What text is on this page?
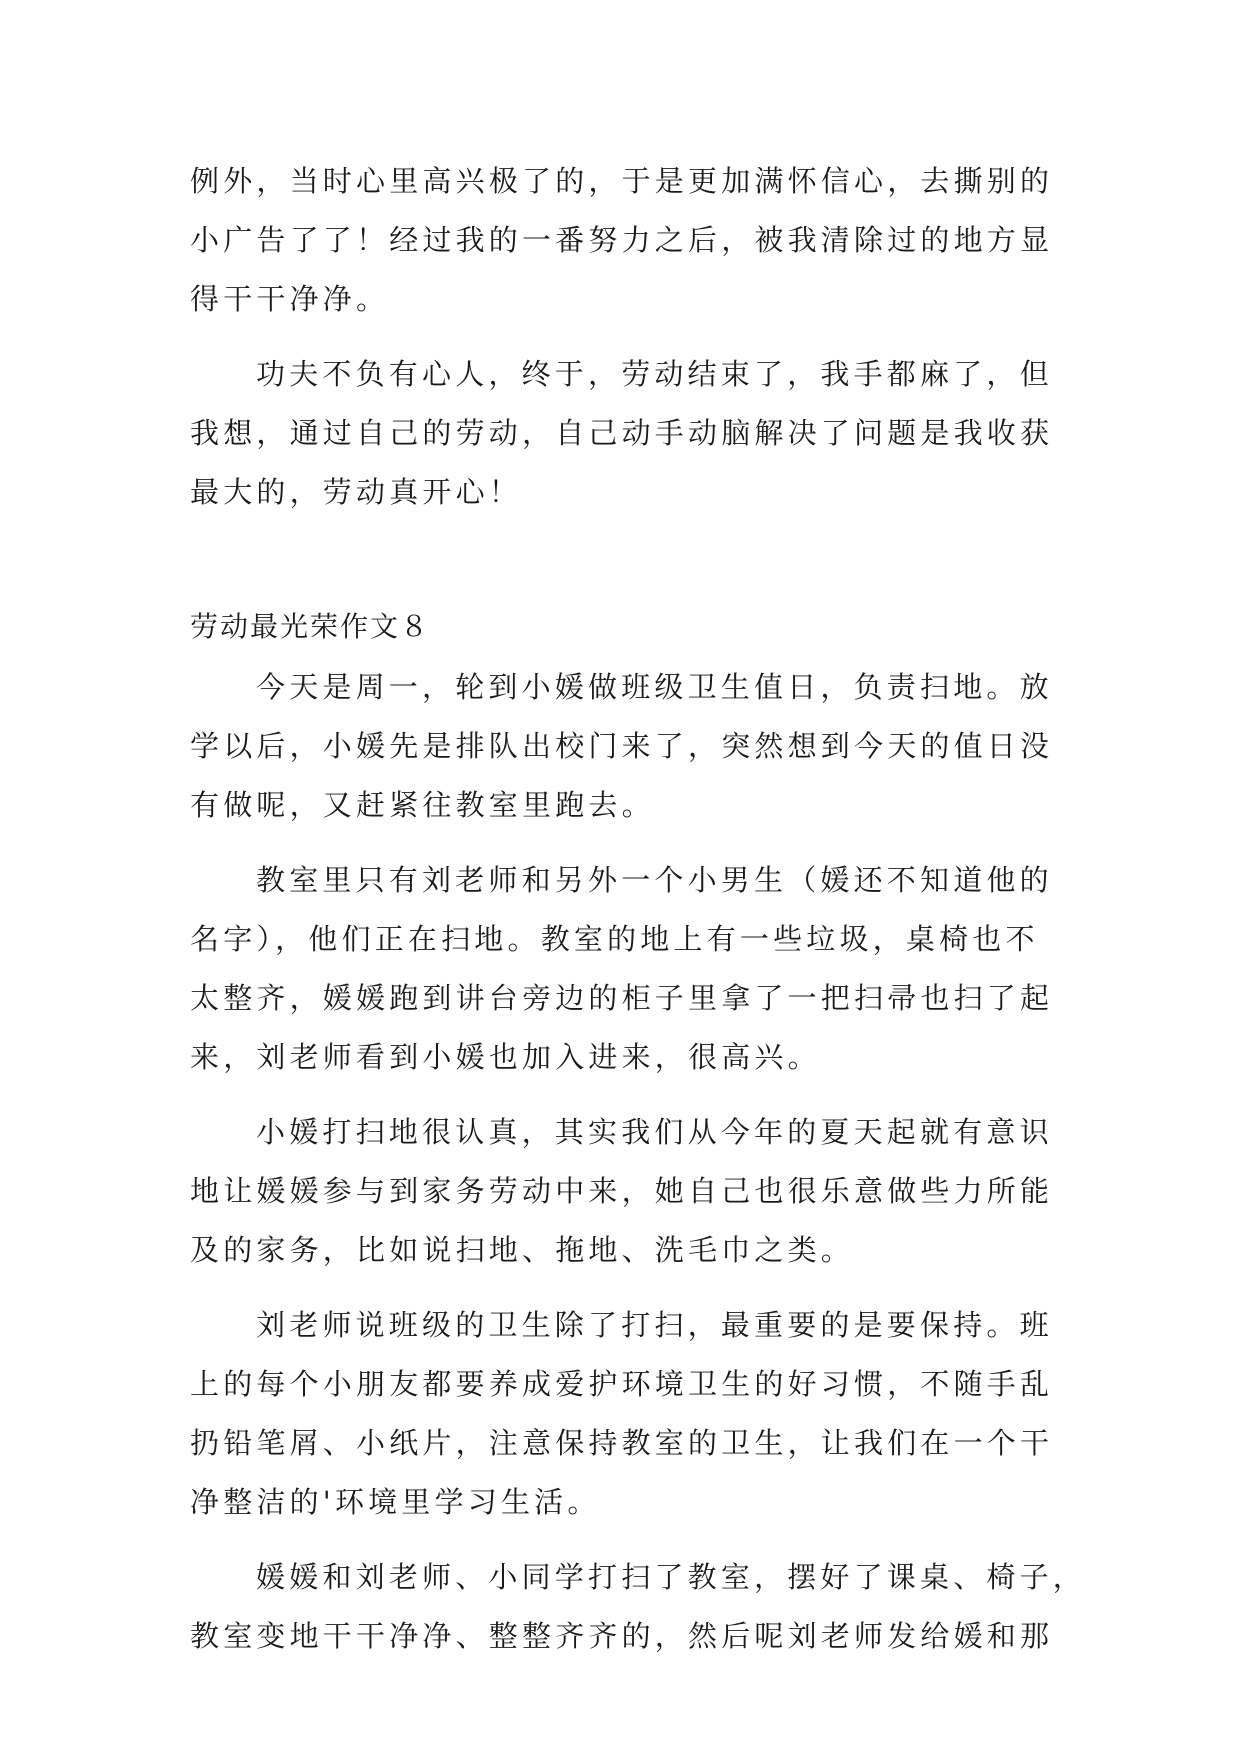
例外，当时心里高兴极了的，于是更加满怀信心，去撕别的
小广告了了！经过我的一番努力之后，被我清除过的地方显
得干干净净。
功夫不负有心人，终于，劳动结束了，我手都麻了，但
我想，通过自己的劳动，自己动手动脑解决了问题是我收获
最大的，劳动真开心！
劳动最光荣作文８
今天是周一，轮到小媛做班级卫生值日，负责扫地。放
学以后，小媛先是排队出校门来了，突然想到今天的值日没
有做呢，又赶紧往教室里跑去。
教室里只有刘老师和另外一个小男生（媛还不知道他的
名字），他们正在扫地。教室的地上有一些垃圾，桌椅也不
太整齐，媛媛跑到讲台旁边的柜子里拿了一把扫帚也扫了起
来，刘老师看到小媛也加入进来，很高兴。
小媛打扫地很认真，其实我们从今年的夏天起就有意识
地让媛媛参与到家务劳动中来，她自己也很乐意做些力所能
及的家务，比如说扫地、拖地、洗毛巾之类。
刘老师说班级的卫生除了打扫，最重要的是要保持。班
上的每个小朋友都要养成爱护环境卫生的好习惯，不随手乱
扔铅笔屑、小纸片，注意保持教室的卫生，让我们在一个干
净整洁的'环境里学习生活。
媛媛和刘老师、小同学打扫了教室，摆好了课桌、椅子，
教室变地干干净净、整整齐齐的，然后呢刘老师发给媛和那
